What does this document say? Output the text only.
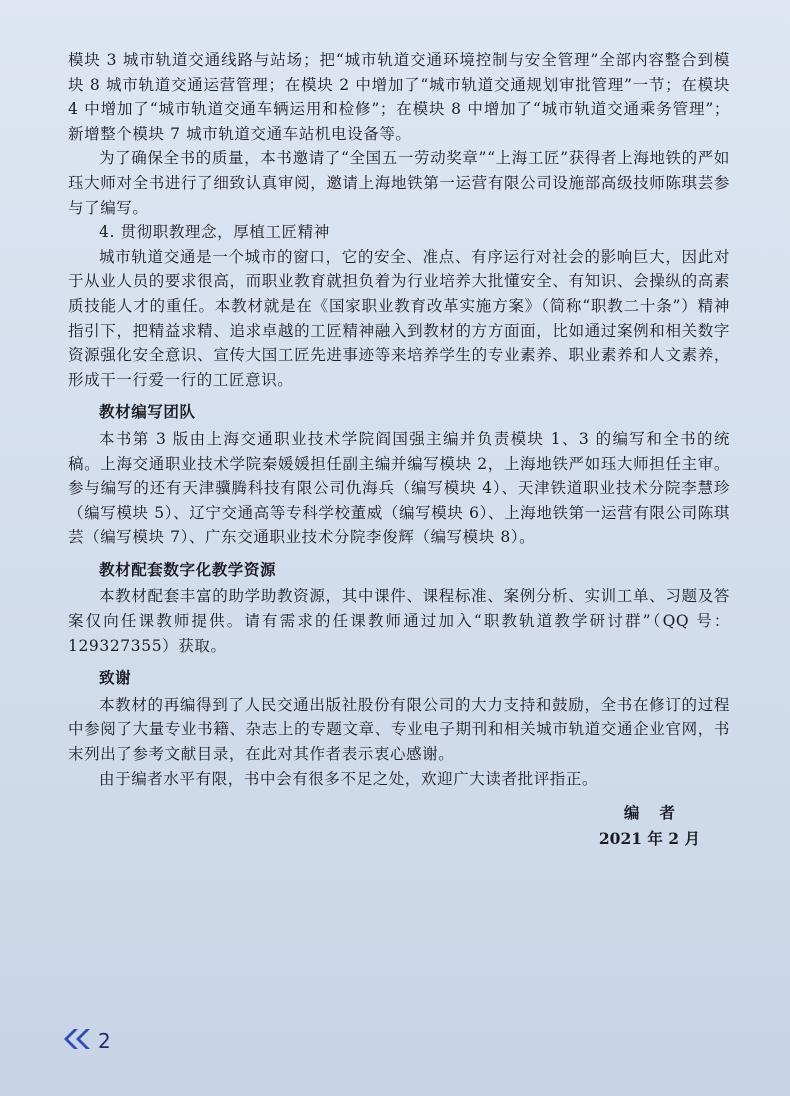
模块 3 城市轨道交通线路与站场；把“城市轨道交通环境控制与安全管理”全部内容整合到模块 8 城市轨道交通运营管理；在模块 2 中增加了“城市轨道交通规划审批管理”一节；在模块 4 中增加了“城市轨道交通车辆运用和检修”；在模块 8 中增加了“城市轨道交通乘务管理”；新增整个模块 7 城市轨道交通车站机电设备等。

为了确保全书的质量，本书邀请了“全国五一劳动奖章”“上海工匠”获得者上海地铁的严如珏大师对全书进行了细致认真审阅，邀请上海地铁第一运营有限公司设施部高级技师陈琪芸参与了编写。

4. 贯彻职教理念，厚植工匠精神

城市轨道交通是一个城市的窗口，它的安全、准点、有序运行对社会的影响巨大，因此对于从业人员的要求很高，而职业教育就担负着为行业培养大批懂安全、有知识、会操纵的高素质技能人才的重任。本教材就是在《国家职业教育改革实施方案》（简称“职教二十条”）精神指引下，把精益求精、追求卓越的工匠精神融入到教材的方方面面，比如通过案例和相关数字资源强化安全意识、宣传大国工匠先进事迹等来培养学生的专业素养、职业素养和人文素养，形成干一行爱一行的工匠意识。

教材编写团队

本书第 3 版由上海交通职业技术学院阎国强主编并负责模块 1、3 的编写和全书的统稿。上海交通职业技术学院秦媛媛担任副主编并编写模块 2，上海地铁严如珏大师担任主审。参与编写的还有天津骥腾科技有限公司仇海兵（编写模块 4）、天津铁道职业技术分院李慧珍（编写模块 5）、辽宁交通高等专科学校董威（编写模块 6）、上海地铁第一运营有限公司陈琪芸（编写模块 7）、广东交通职业技术分院李俊辉（编写模块 8）。

教材配套数字化教学资源

本教材配套丰富的助学助教资源，其中课件、课程标准、案例分析、实训工单、习题及答案仅向任课教师提供。请有需求的任课教师通过加入“职教轨道教学研讨群”（QQ 号：129327355）获取。

致谢

本教材的再编得到了人民交通出版社股份有限公司的大力支持和鼓励，全书在修订的过程中参阅了大量专业书籍、杂志上的专题文章、专业电子期刊和相关城市轨道交通企业官网，书末列出了参考文献目录，在此对其作者表示衷心感谢。

由于编者水平有限，书中会有很多不足之处，欢迎广大读者批评指正。

编者
2021 年 2 月
2
